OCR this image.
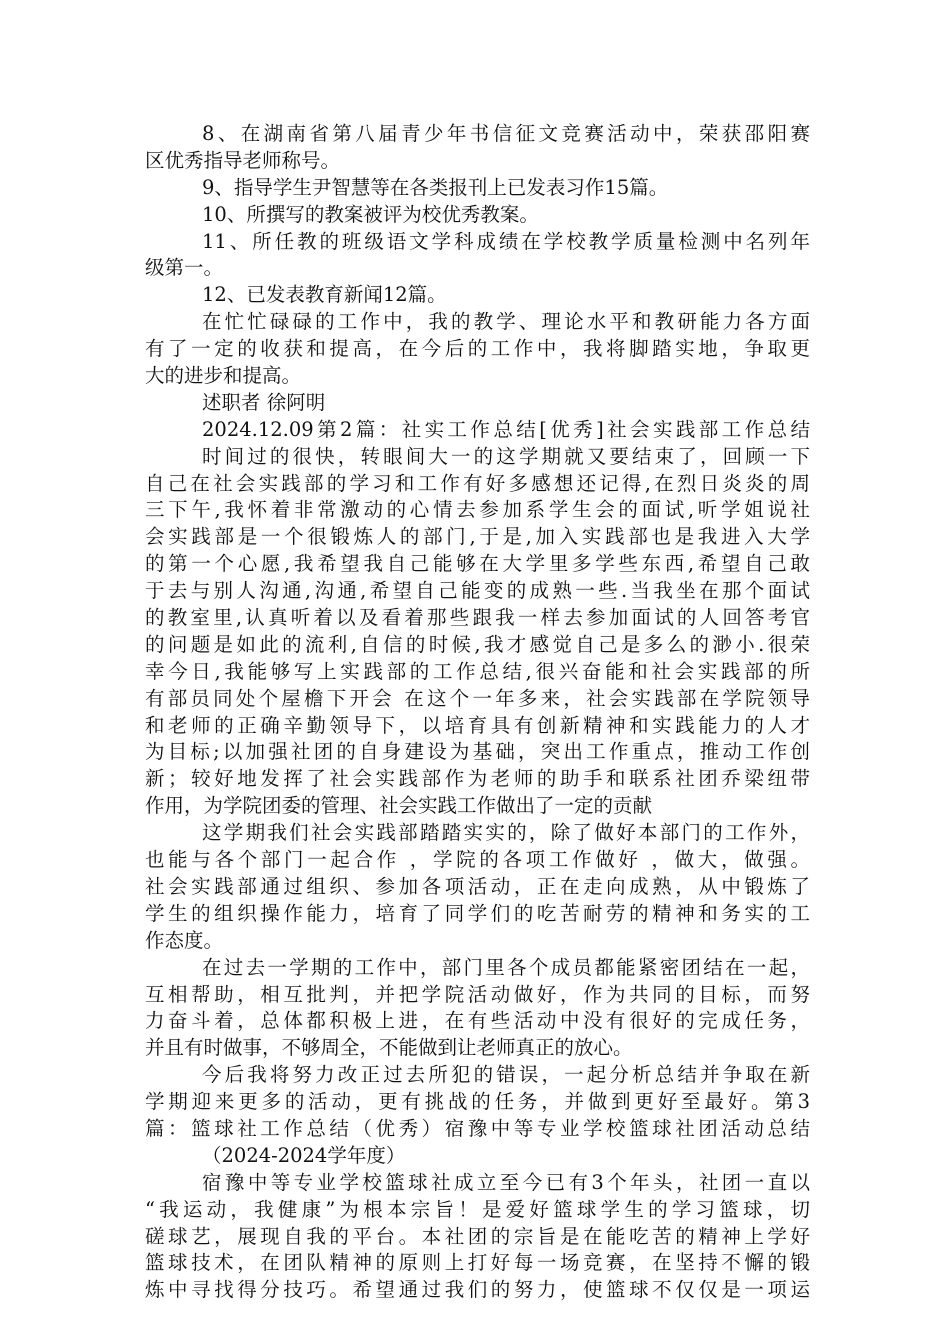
8、在湖南省第八届青少年书信征文竞赛活动中，荣获邵阳赛
区优秀指导老师称号。
9、指导学生尹智慧等在各类报刊上已发表习作15篇。
10、所撰写的教案被评为校优秀教案。
11、所任教的班级语文学科成绩在学校教学质量检测中名列年
级第一。
12、已发表教育新闻12篇。
在忙忙碌碌的工作中，我的教学、理论水平和教研能力各方面
有了一定的收获和提高，在今后的工作中，我将脚踏实地，争取更
大的进步和提高。
述职者 徐阿明
2024.12.09第2篇：社实工作总结[优秀]社会实践部工作总结
时间过的很快，转眼间大一的这学期就又要结束了，回顾一下
自己在社会实践部的学习和工作有好多感想还记得,在烈日炎炎的周
三下午,我怀着非常激动的心情去参加系学生会的面试,听学姐说社
会实践部是一个很锻炼人的部门,于是,加入实践部也是我进入大学
的第一个心愿,我希望我自己能够在大学里多学些东西,希望自己敢
于去与别人沟通,沟通,希望自己能变的成熟一些.当我坐在那个面试
的教室里,认真听着以及看着那些跟我一样去参加面试的人回答考官
的问题是如此的流利,自信的时候,我才感觉自己是多么的渺小.很荣
幸今日,我能够写上实践部的工作总结,很兴奋能和社会实践部的所
有部员同处个屋檐下开会 在这个一年多来，社会实践部在学院领导
和老师的正确辛勤领导下，以培育具有创新精神和实践能力的人才
为目标;以加强社团的自身建设为基础，突出工作重点，推动工作创
新；较好地发挥了社会实践部作为老师的助手和联系社团乔梁纽带
作用，为学院团委的管理、社会实践工作做出了一定的贡献
这学期我们社会实践部踏踏实实的，除了做好本部门的工作外，
也能与各个部门一起合作 ，学院的各项工作做好 ，做大，做强。
社会实践部通过组织、参加各项活动，正在走向成熟，从中锻炼了
学生的组织操作能力，培育了同学们的吃苦耐劳的精神和务实的工
作态度。
在过去一学期的工作中，部门里各个成员都能紧密团结在一起，
互相帮助，相互批判，并把学院活动做好，作为共同的目标，而努
力奋斗着，总体都积极上进，在有些活动中没有很好的完成任务，
并且有时做事，不够周全，不能做到让老师真正的放心。
今后我将努力改正过去所犯的错误，一起分析总结并争取在新
学期迎来更多的活动，更有挑战的任务，并做到更好至最好。第3
篇：篮球社工作总结（优秀）宿豫中等专业学校篮球社团活动总结
（2024-2024学年度）
宿豫中等专业学校篮球社成立至今已有3个年头，社团一直以
“我运动，我健康”为根本宗旨！是爱好篮球学生的学习篮球，切
磋球艺，展现自我的平台。本社团的宗旨是在能吃苦的精神上学好
篮球技术，在团队精神的原则上打好每一场竞赛，在坚持不懈的锻
炼中寻找得分技巧。希望通过我们的努力，使篮球不仅仅是一项运
